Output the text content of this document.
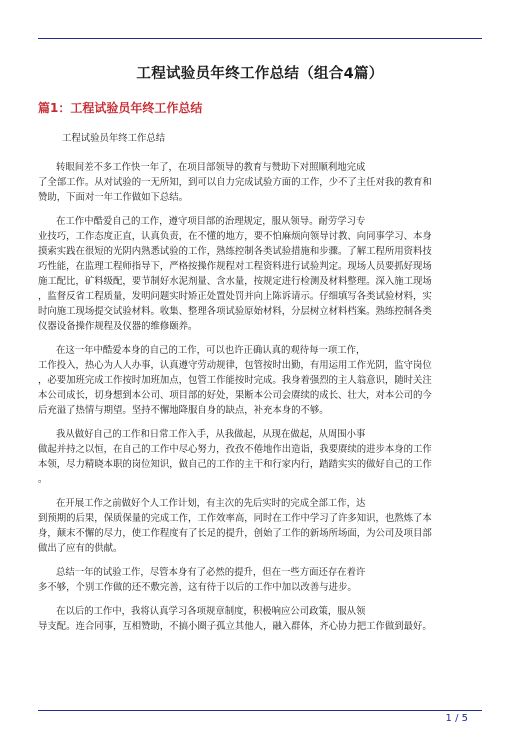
工程试验员年终工作总结（组合4篇）
篇1：工程试验员年终工作总结
工程试验员年终工作总结

转眼间差不多工作快一年了，在项目部领导的教育与赞助下对照顺利地完成
了全部工作。从对试验的一无所知，到可以自力完成试验方面的工作，少不了主任对我的教育和
赞助，下面对一年工作做如下总结。

在工作中酷爱自己的工作，遵守项目部的治理规定，服从领导。耐劳学习专
业技巧，工作态度正直，认真负责，在不懂的地方，要不怕麻烦向领导讨教、向同事学习、本身
摸索实践在很短的光阴内熟悉试验的工作，熟练控制各类试验措施和步骤。了解工程所用资料技
巧性能，在监理工程师指导下，严格按操作规程对工程资料进行试验判定。现场人员要抓好现场
施工配比，矿料级配，要节制好水泥剂量、含水量，按规定进行检测及材料整理。深入施工现场
，监督反省工程质量，发明问题实时矫正处置处罚并向上陈诉请示。仔细填写各类试验材料，实
时向施工现场提交试验材料。收集、整理各项试验原始材料，分层树立材料档案。熟练控制各类
仪器设备操作规程及仪器的维修颐养。

在这一年中酷爱本身的自己的工作，可以也许正确认真的观待每一项工作，
工作投入，热心为人人办事，认真遵守劳动规律，包管按时出勤，有用运用工作光阴，监守岗位
，必要加班完成工作按时加班加点，包管工作能按时完成。我身着强烈的主人翁意识，随时关注
本公司成长，切身想到本公司、项目部的好处，果断本公司会赓续的成长、壮大，对本公司的今
后充溢了热情与期望。坚持不懈地降服自身的缺点，补充本身的不够。

我从做好自己的工作和日常工作入手，从我做起，从现在做起，从周围小事
做起并持之以恒，在自己的工作中尽心努力，孜孜不倦地作出造诣，我要赓续的进步本身的工作
本领，尽力精晓本职的岗位知识，做自己的工作的主干和行家内行，踏踏实实的做好自己的工作
。

在开展工作之前做好个人工作计划，有主次的先后实时的完成全部工作，达
到预期的后果，保质保量的完成工作，工作效率高，同时在工作中学习了许多知识，也熬炼了本
身，颠末不懈的尽力，使工作程度有了长足的提升，创始了工作的新场所场面，为公司及项目部
做出了应有的供献。

总结一年的试验工作，尽管本身有了必然的提升，但在一些方面还存在着许
多不够，个别工作做的还不敷完善，这有待于以后的工作中加以改善与进步。

在以后的工作中，我将认真学习各项规章制度，积极响应公司政策，服从领
导支配。连合同事，互相赞助，不搞小圈子孤立其他人，融入群体，齐心协力把工作做到最好。

1 / 5
